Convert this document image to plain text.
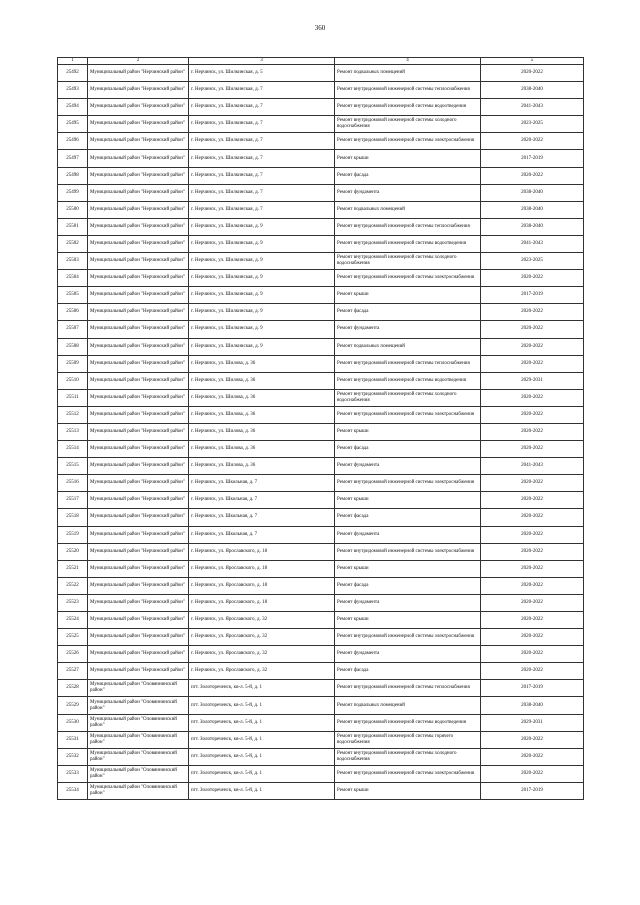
360
1	2	3	4	5
25492	Муниципальный район "Нерчинский район"	г. Нерчинск, ул. Шилкинская, д. 5	Ремонт подвальных помещений	2020-2022
25493	Муниципальный район "Нерчинский район"	г. Нерчинск, ул. Шилкинская, д. 7	Ремонт внутридомовой инженерной системы теплоснабжения	2038-2040
25494	Муниципальный район "Нерчинский район"	г. Нерчинск, ул. Шилкинская, д. 7	Ремонт внутридомовой инженерной системы водоотведения	2041-2043
25495	Муниципальный район "Нерчинский район"	г. Нерчинск, ул. Шилкинская, д. 7	Ремонт внутридомовой инженерной системы холодного водоснабжения	2023-2025
25496	Муниципальный район "Нерчинский район"	г. Нерчинск, ул. Шилкинская, д. 7	Ремонт внутридомовой инженерной системы электроснабжения	2020-2022
25497	Муниципальный район "Нерчинский район"	г. Нерчинск, ул. Шилкинская, д. 7	Ремонт крыши	2017-2019
25498	Муниципальный район "Нерчинский район"	г. Нерчинск, ул. Шилкинская, д. 7	Ремонт фасада	2020-2022
25499	Муниципальный район "Нерчинский район"	г. Нерчинск, ул. Шилкинская, д. 7	Ремонт фундамента	2038-2040
25500	Муниципальный район "Нерчинский район"	г. Нерчинск, ул. Шилкинская, д. 7	Ремонт подвальных помещений	2038-2040
25501	Муниципальный район "Нерчинский район"	г. Нерчинск, ул. Шилкинская, д. 9	Ремонт внутридомовой инженерной системы теплоснабжения	2038-2040
25502	Муниципальный район "Нерчинский район"	г. Нерчинск, ул. Шилкинская, д. 9	Ремонт внутридомовой инженерной системы водоотведения	2041-2043
25503	Муниципальный район "Нерчинский район"	г. Нерчинск, ул. Шилкинская, д. 9	Ремонт внутридомовой инженерной системы холодного водоснабжения	2023-2025
25504	Муниципальный район "Нерчинский район"	г. Нерчинск, ул. Шилкинская, д. 9	Ремонт внутридомовой инженерной системы электроснабжения	2020-2022
25505	Муниципальный район "Нерчинский район"	г. Нерчинск, ул. Шилкинская, д. 9	Ремонт крыши	2017-2019
25506	Муниципальный район "Нерчинский район"	г. Нерчинск, ул. Шилкинская, д. 9	Ремонт фасада	2020-2022
25507	Муниципальный район "Нерчинский район"	г. Нерчинск, ул. Шилкинская, д. 9	Ремонт фундамента	2020-2022
25508	Муниципальный район "Нерчинский район"	г. Нерчинск, ул. Шилкинская, д. 9	Ремонт подвальных помещений	2020-2022
25509	Муниципальный район "Нерчинский район"	г. Нерчинск, ул. Шилова, д. 36	Ремонт внутридомовой инженерной системы теплоснабжения	2020-2022
25510	Муниципальный район "Нерчинский район"	г. Нерчинск, ул. Шилова, д. 36	Ремонт внутридомовой инженерной системы водоотведения	2029-2031
25511	Муниципальный район "Нерчинский район"	г. Нерчинск, ул. Шилова, д. 36	Ремонт внутридомовой инженерной системы холодного водоснабжения	2020-2022
25512	Муниципальный район "Нерчинский район"	г. Нерчинск, ул. Шилова, д. 36	Ремонт внутридомовой инженерной системы электроснабжения	2020-2022
25513	Муниципальный район "Нерчинский район"	г. Нерчинск, ул. Шилова, д. 36	Ремонт крыши	2020-2022
25514	Муниципальный район "Нерчинский район"	г. Нерчинск, ул. Шилова, д. 36	Ремонт фасада	2020-2022
25515	Муниципальный район "Нерчинский район"	г. Нерчинск, ул. Шилова, д. 36	Ремонт фундамента	2041-2043
25516	Муниципальный район "Нерчинский район"	г. Нерчинск, ул. Школьная, д. 7	Ремонт внутридомовой инженерной системы электроснабжения	2020-2022
25517	Муниципальный район "Нерчинский район"	г. Нерчинск, ул. Школьная, д. 7	Ремонт крыши	2020-2022
25518	Муниципальный район "Нерчинский район"	г. Нерчинск, ул. Школьная, д. 7	Ремонт фасада	2020-2022
25519	Муниципальный район "Нерчинский район"	г. Нерчинск, ул. Школьная, д. 7	Ремонт фундамента	2020-2022
25520	Муниципальный район "Нерчинский район"	г. Нерчинск, ул. Ярославского, д. 18	Ремонт внутридомовой инженерной системы электроснабжения	2020-2022
25521	Муниципальный район "Нерчинский район"	г. Нерчинск, ул. Ярославского, д. 18	Ремонт крыши	2020-2022
25522	Муниципальный район "Нерчинский район"	г. Нерчинск, ул. Ярославского, д. 18	Ремонт фасада	2020-2022
25523	Муниципальный район "Нерчинский район"	г. Нерчинск, ул. Ярославского, д. 18	Ремонт фундамента	2020-2022
25524	Муниципальный район "Нерчинский район"	г. Нерчинск, ул. Ярославского, д. 32	Ремонт крыши	2020-2022
25525	Муниципальный район "Нерчинский район"	г. Нерчинск, ул. Ярославского, д. 32	Ремонт внутридомовой инженерной системы электроснабжения	2020-2022
25526	Муниципальный район "Нерчинский район"	г. Нерчинск, ул. Ярославского, д. 32	Ремонт фундамента	2020-2022
25527	Муниципальный район "Нерчинский район"	г. Нерчинск, ул. Ярославского, д. 32	Ремонт фасада	2020-2022
25528	Муниципальный район "Оловяннинский район"	пгт. Золотореченск, кв-л. 5-й, д. 1	Ремонт внутридомовой инженерной системы теплоснабжения	2017-2019
25529	Муниципальный район "Оловяннинский район"	пгт. Золотореченск, кв-л. 5-й, д. 1	Ремонт подвальных помещений	2038-2040
25530	Муниципальный район "Оловяннинский район"	пгт. Золотореченск, кв-л. 5-й, д. 1	Ремонт внутридомовой инженерной системы водоотведения	2029-2031
25531	Муниципальный район "Оловяннинский район"	пгт. Золотореченск, кв-л. 5-й, д. 1	Ремонт внутридомовой инженерной системы горячего водоснабжения	2020-2022
25532	Муниципальный район "Оловяннинский район"	пгт. Золотореченск, кв-л. 5-й, д. 1	Ремонт внутридомовой инженерной системы холодного водоснабжения	2020-2022
25533	Муниципальный район "Оловяннинский район"	пгт. Золотореченск, кв-л. 5-й, д. 1	Ремонт внутридомовой инженерной системы электроснабжения	2020-2022
25534	Муниципальный район "Оловяннинский район"	пгт. Золотореченск, кв-л. 5-й, д. 1	Ремонт крыши	2017-2019
